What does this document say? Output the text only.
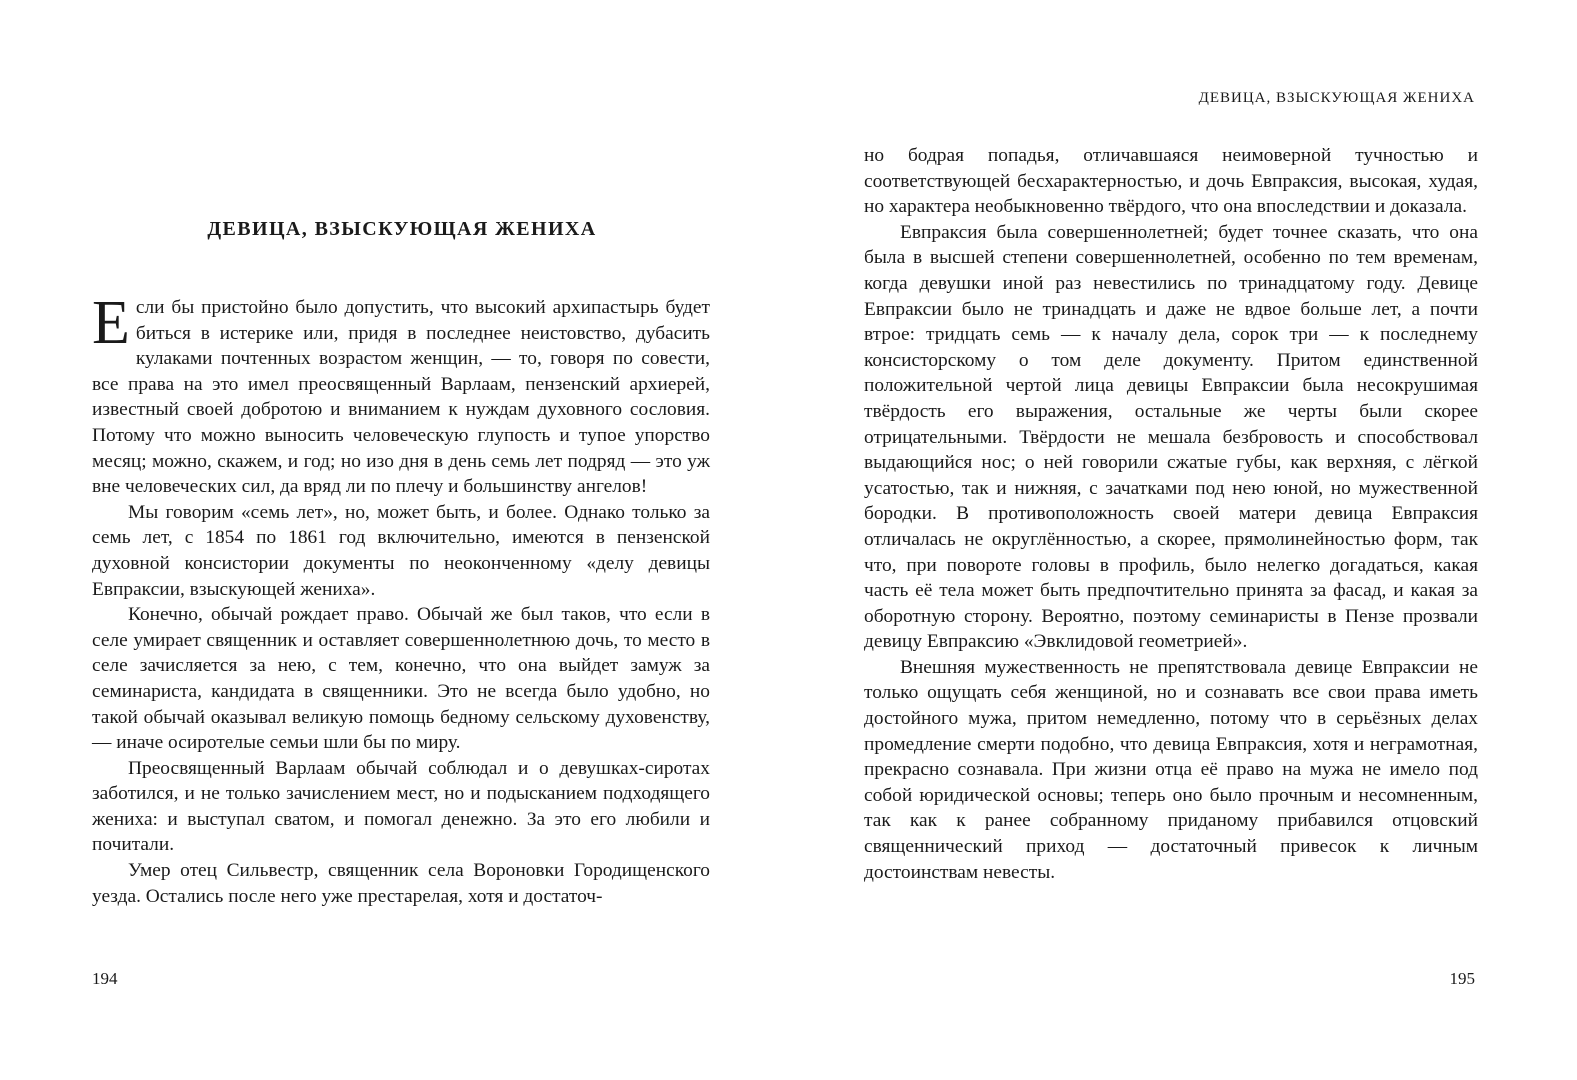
ДЕВИЦА, ВЗЫСКУЮЩАЯ ЖЕНИХА

Если бы пристойно было допустить, что высокий архипастырь будет биться в истерике или, придя в последнее неистовство, дубасить кулаками почтенных возрастом женщин, — то, говоря по совести, все права на это имел преосвященный Варлаам, пензенский архиерей, известный своей добротою и вниманием к нуждам духовного сословия. Потому что можно выносить человеческую глупость и тупое упорство месяц; можно, скажем, и год; но изо дня в день семь лет подряд — это уж вне человеческих сил, да вряд ли по плечу и большинству ангелов!

Мы говорим «семь лет», но, может быть, и более. Однако только за семь лет, с 1854 по 1861 год включительно, имеются в пензенской духовной консистории документы по неоконченному «делу девицы Евпраксии, взыскующей жениха».

Конечно, обычай рождает право. Обычай же был таков, что если в селе умирает священник и оставляет совершеннолетнюю дочь, то место в селе зачисляется за нею, с тем, конечно, что она выйдет замуж за семинариста, кандидата в священники. Это не всегда было удобно, но такой обычай оказывал великую помощь бедному сельскому духовенству, — иначе осиротелые семьи шли бы по миру.

Преосвященный Варлаам обычай соблюдал и о девушках-сиротах заботился, и не только зачислением мест, но и подысканием подходящего жениха: и выступал сватом, и помогал денежно. За это его любили и почитали.

Умер отец Сильвестр, священник села Вороновки Городищенского уезда. Остались после него уже престарелая, хотя и достаточ-

194
ДЕВИЦА, ВЗЫСКУЮЩАЯ ЖЕНИХА

но бодрая попадья, отличавшаяся неимоверной тучностью и соответствующей бесхарактерностью, и дочь Евпраксия, высокая, худая, но характера необыкновенно твёрдого, что она впоследствии и доказала.

Евпраксия была совершеннолетней; будет точнее сказать, что она была в высшей степени совершеннолетней, особенно по тем временам, когда девушки иной раз невестились по тринадцатому году. Девице Евпраксии было не тринадцать и даже не вдвое больше лет, а почти втрое: тридцать семь — к началу дела, сорок три — к последнему консисторскому о том деле документу. Притом единственной положительной чертой лица девицы Евпраксии была несокрушимая твёрдость его выражения, остальные же черты были скорее отрицательными. Твёрдости не мешала безбровость и способствовал выдающийся нос; о ней говорили сжатые губы, как верхняя, с лёгкой усатостью, так и нижняя, с зачатками под нею юной, но мужественной бородки. В противоположность своей матери девица Евпраксия отличалась не округлённостью, а скорее, прямолинейностью форм, так что, при повороте головы в профиль, было нелегко догадаться, какая часть её тела может быть предпочтительно принята за фасад, и какая за оборотную сторону. Вероятно, поэтому семинаристы в Пензе прозвали девицу Евпраксию «Эвклидовой геометрией».

Внешняя мужественность не препятствовала девице Евпраксии не только ощущать себя женщиной, но и сознавать все свои права иметь достойного мужа, притом немедленно, потому что в серьёзных делах промедление смерти подобно, что девица Евпраксия, хотя и неграмотная, прекрасно сознавала. При жизни отца её право на мужа не имело под собой юридической основы; теперь оно было прочным и несомненным, так как к ранее собранному приданому прибавился отцовский священнический приход — достаточный привесок к личным достоинствам невесты.

195
